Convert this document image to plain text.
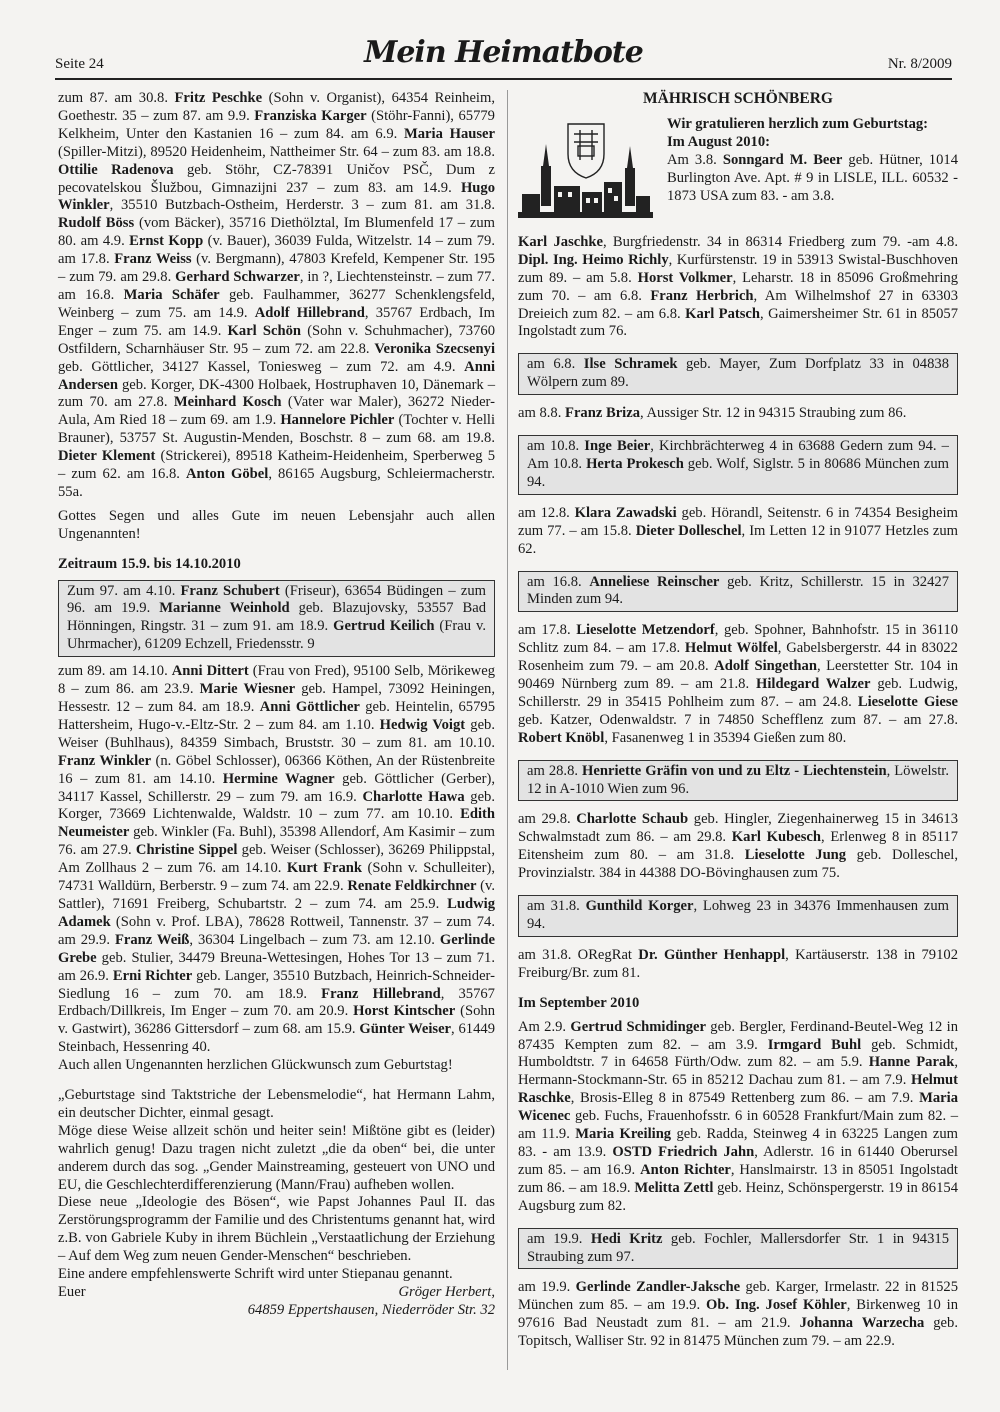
Seite 24	Mein Heimatbote	Nr. 8/2009

zum 87. am 30.8. Fritz Peschke (Sohn v. Organist), 64354 Reinheim, Goethestr. 35 – zum 87. am 9.9. Franziska Karger (Stöhr-Fanni), 65779 Kelkheim, Unter den Kastanien 16 – zum 84. am 6.9. Maria Hauser (Spiller-Mitzi), 89520 Heidenheim, Nattheimer Str. 64 – zum 83. am 18.8. Ottilie Radenova geb. Stöhr, CZ-78391 Uničov PSČ, Dum z pecovatelskou Šlužbou, Gimnazijni 237 – zum 83. am 14.9. Hugo Winkler, 35510 Butzbach-Ostheim, Herderstr. 3 – zum 81. am 31.8. Rudolf Böss (vom Bäcker), 35716 Diethölztal, Im Blumenfeld 17 – zum 80. am 4.9. Ernst Kopp (v. Bauer), 36039 Fulda, Witzelstr. 14 – zum 79. am 17.8. Franz Weiss (v. Bergmann), 47803 Krefeld, Kempener Str. 195 – zum 79. am 29.8. Gerhard Schwarzer, in ?, Liechtensteinstr. – zum 77. am 16.8. Maria Schäfer geb. Faulhammer, 36277 Schenklengsfeld, Weinberg – zum 75. am 14.9. Adolf Hillebrand, 35767 Erdbach, Im Enger – zum 75. am 14.9. Karl Schön (Sohn v. Schuhmacher), 73760 Ostfildern, Scharnhäuser Str. 95 – zum 72. am 22.8. Veronika Szecsenyi geb. Göttlicher, 34127 Kassel, Toniesweg – zum 72. am 4.9. Anni Andersen geb. Korger, DK-4300 Holbaek, Hostruphaven 10, Dänemark – zum 70. am 27.8. Meinhard Kosch (Vater war Maler), 36272 Nieder-Aula, Am Ried 18 – zum 69. am 1.9. Hannelore Pichler (Tochter v. Helli Brauner), 53757 St. Augustin-Menden, Boschstr. 8 – zum 68. am 19.8. Dieter Klement (Strickerei), 89518 Katheim-Heidenheim, Sperberweg 5 – zum 62. am 16.8. Anton Göbel, 86165 Augsburg, Schleiermacherstr. 55a.

Gottes Segen und alles Gute im neuen Lebensjahr auch allen Ungenannten!

Zeitraum 15.9. bis 14.10.2010

Zum 97. am 4.10. Franz Schubert (Friseur), 63654 Büdingen – zum 96. am 19.9. Marianne Weinhold geb. Blazujovsky, 53557 Bad Hönningen, Ringstr. 31 – zum 91. am 18.9. Gertrud Keilich (Frau v. Uhrmacher), 61209 Echzell, Friedensstr. 9

zum 89. am 14.10. Anni Dittert (Frau von Fred), 95100 Selb, Mörikeweg 8 – zum 86. am 23.9. Marie Wiesner geb. Hampel, 73092 Heiningen, Hessestr. 12 – zum 84. am 18.9. Anni Göttlicher geb. Heintelin, 65795 Hattersheim, Hugo-v.-Eltz-Str. 2 – zum 84. am 1.10. Hedwig Voigt geb. Weiser (Buhlhaus), 84359 Simbach, Bruststr. 30 – zum 81. am 10.10. Franz Winkler (n. Göbel Schlosser), 06366 Köthen, An der Rüstenbreite 16 – zum 81. am 14.10. Hermine Wagner geb. Göttlicher (Gerber), 34117 Kassel, Schillerstr. 29 – zum 79. am 16.9. Charlotte Hawa geb. Korger, 73669 Lichtenwalde, Waldstr. 10 – zum 77. am 10.10. Edith Neumeister geb. Winkler (Fa. Buhl), 35398 Allendorf, Am Kasimir – zum 76. am 27.9. Christine Sippel geb. Weiser (Schlosser), 36269 Philippstal, Am Zollhaus 2 – zum 76. am 14.10. Kurt Frank (Sohn v. Schulleiter), 74731 Walldürn, Berberstr. 9 – zum 74. am 22.9. Renate Feldkirchner (v. Sattler), 71691 Freiberg, Schubartstr. 2 – zum 74. am 25.9. Ludwig Adamek (Sohn v. Prof. LBA), 78628 Rottweil, Tannenstr. 37 – zum 74. am 29.9. Franz Weiß, 36304 Lingelbach – zum 73. am 12.10. Gerlinde Grebe geb. Stulier, 34479 Breuna-Wettesingen, Hohes Tor 13 – zum 71. am 26.9. Erni Richter geb. Langer, 35510 Butzbach, Heinrich-Schneider-Siedlung 16 – zum 70. am 18.9. Franz Hillebrand, 35767 Erdbach/Dillkreis, Im Enger – zum 70. am 20.9. Horst Kintscher (Sohn v. Gastwirt), 36286 Gittersdorf – zum 68. am 15.9. Günter Weiser, 61449 Steinbach, Hessenring 40.

Auch allen Ungenannten herzlichen Glückwunsch zum Geburtstag!

„Geburtstage sind Taktstriche der Lebensmelodie“, hat Hermann Lahm, ein deutscher Dichter, einmal gesagt.

Möge diese Weise allzeit schön und heiter sein! Mißtöne gibt es (leider) wahrlich genug! Dazu tragen nicht zuletzt „die da oben“ bei, die unter anderem durch das sog. „Gender Mainstreaming, gesteuert von UNO und EU, die Geschlechterdifferenzierung (Mann/Frau) aufheben wollen.

Diese neue „Ideologie des Bösen“, wie Papst Johannes Paul II. das Zerstörungsprogramm der Familie und des Christentums genannt hat, wird z.B. von Gabriele Kuby in ihrem Büchlein „Verstaatlichung der Erziehung – Auf dem Weg zum neuen Gender-Menschen“ beschrieben.

Eine andere empfehlenswerte Schrift wird unter Stiepanau genannt.

Euer	Gröger Herbert,

64859 Eppertshausen, Niederröder Str. 32

MÄHRISCH SCHÖNBERG

Wir gratulieren herzlich zum Geburtstag:

Im August 2010:

Am 3.8. Sonngard M. Beer geb. Hütner, 1014 Burlington Ave. Apt. # 9 in LISLE, ILL. 60532 - 1873 USA zum 83. - am 3.8.

Karl Jaschke, Burgfriedenstr. 34 in 86314 Friedberg zum 79. -am 4.8. Dipl. Ing. Heimo Richly, Kurfürstenstr. 19 in 53913 Swistal-Buschhoven zum 89. – am 5.8. Horst Volkmer, Leharstr. 18 in 85096 Großmehring zum 70. – am 6.8. Franz Herbrich, Am Wilhelmshof 27 in 63303 Dreieich zum 82. – am 6.8. Karl Patsch, Gaimersheimer Str. 61 in 85057 Ingolstadt zum 76.

am 6.8. Ilse Schramek geb. Mayer, Zum Dorfplatz 33 in 04838 Wölpern zum 89.

am 8.8. Franz Briza, Aussiger Str. 12 in 94315 Straubing zum 86.

am 10.8. Inge Beier, Kirchbrächterweg 4 in 63688 Gedern zum 94. – Am 10.8. Herta Prokesch geb. Wolf, Siglstr. 5 in 80686 München zum 94.

am 12.8. Klara Zawadski geb. Hörandl, Seitenstr. 6 in 74354 Besigheim zum 77. – am 15.8. Dieter Dolleschel, Im Letten 12 in 91077 Hetzles zum 62.

am 16.8. Anneliese Reinscher geb. Kritz, Schillerstr. 15 in 32427 Minden zum 94.

am 17.8. Lieselotte Metzendorf, geb. Spohner, Bahnhofstr. 15 in 36110 Schlitz zum 84. – am 17.8. Helmut Wölfel, Gabelsbergerstr. 44 in 83022 Rosenheim zum 79. – am 20.8. Adolf Singethan, Leerstetter Str. 104 in 90469 Nürnberg zum 89. – am 21.8. Hildegard Walzer geb. Ludwig, Schillerstr. 29 in 35415 Pohlheim zum 87. – am 24.8. Lieselotte Giese geb. Katzer, Odenwaldstr. 7 in 74850 Schefflenz zum 87. – am 27.8. Robert Knöbl, Fasanenweg 1 in 35394 Gießen zum 80.

am 28.8. Henriette Gräfin von und zu Eltz - Liechtenstein, Löwelstr. 12 in A-1010 Wien zum 96.

am 29.8. Charlotte Schaub geb. Hingler, Ziegenhainerweg 15 in 34613 Schwalmstadt zum 86. – am 29.8. Karl Kubesch, Erlenweg 8 in 85117 Eitensheim zum 80. – am 31.8. Lieselotte Jung geb. Dolleschel, Provinzialstr. 384 in 44388 DO-Bövinghausen zum 75.

am 31.8. Gunthild Korger, Lohweg 23 in 34376 Immenhausen zum 94.

am 31.8. ORegRat Dr. Günther Henhappl, Kartäuserstr. 138 in 79102 Freiburg/Br. zum 81.

Im September 2010

Am 2.9. Gertrud Schmidinger geb. Bergler, Ferdinand-Beutel-Weg 12 in 87435 Kempten zum 82. – am 3.9. Irmgard Buhl geb. Schmidt, Humboldtstr. 7 in 64658 Fürth/Odw. zum 82. – am 5.9. Hanne Parak, Hermann-Stockmann-Str. 65 in 85212 Dachau zum 81. – am 7.9. Helmut Raschke, Brosis-Elleg 8 in 87549 Rettenberg zum 86. – am 7.9. Maria Wicenec geb. Fuchs, Frauenhofsstr. 6 in 60528 Frankfurt/Main zum 82. – am 11.9. Maria Kreiling geb. Radda, Steinweg 4 in 63225 Langen zum 83. - am 13.9. OSTD Friedrich Jahn, Adlerstr. 16 in 61440 Oberursel zum 85. – am 16.9. Anton Richter, Hanslmairstr. 13 in 85051 Ingolstadt zum 86. – am 18.9. Melitta Zettl geb. Heinz, Schönspergerstr. 19 in 86154 Augsburg zum 82.

am 19.9. Hedi Kritz geb. Fochler, Mallersdorfer Str. 1 in 94315 Straubing zum 97.

am 19.9. Gerlinde Zandler-Jaksche geb. Karger, Irmelastr. 22 in 81525 München zum 85. – am 19.9. Ob. Ing. Josef Köhler, Birkenweg 10 in 97616 Bad Neustadt zum 81. – am 21.9. Johanna Warzecha geb. Topitsch, Walliser Str. 92 in 81475 München zum 79. – am 22.9.
